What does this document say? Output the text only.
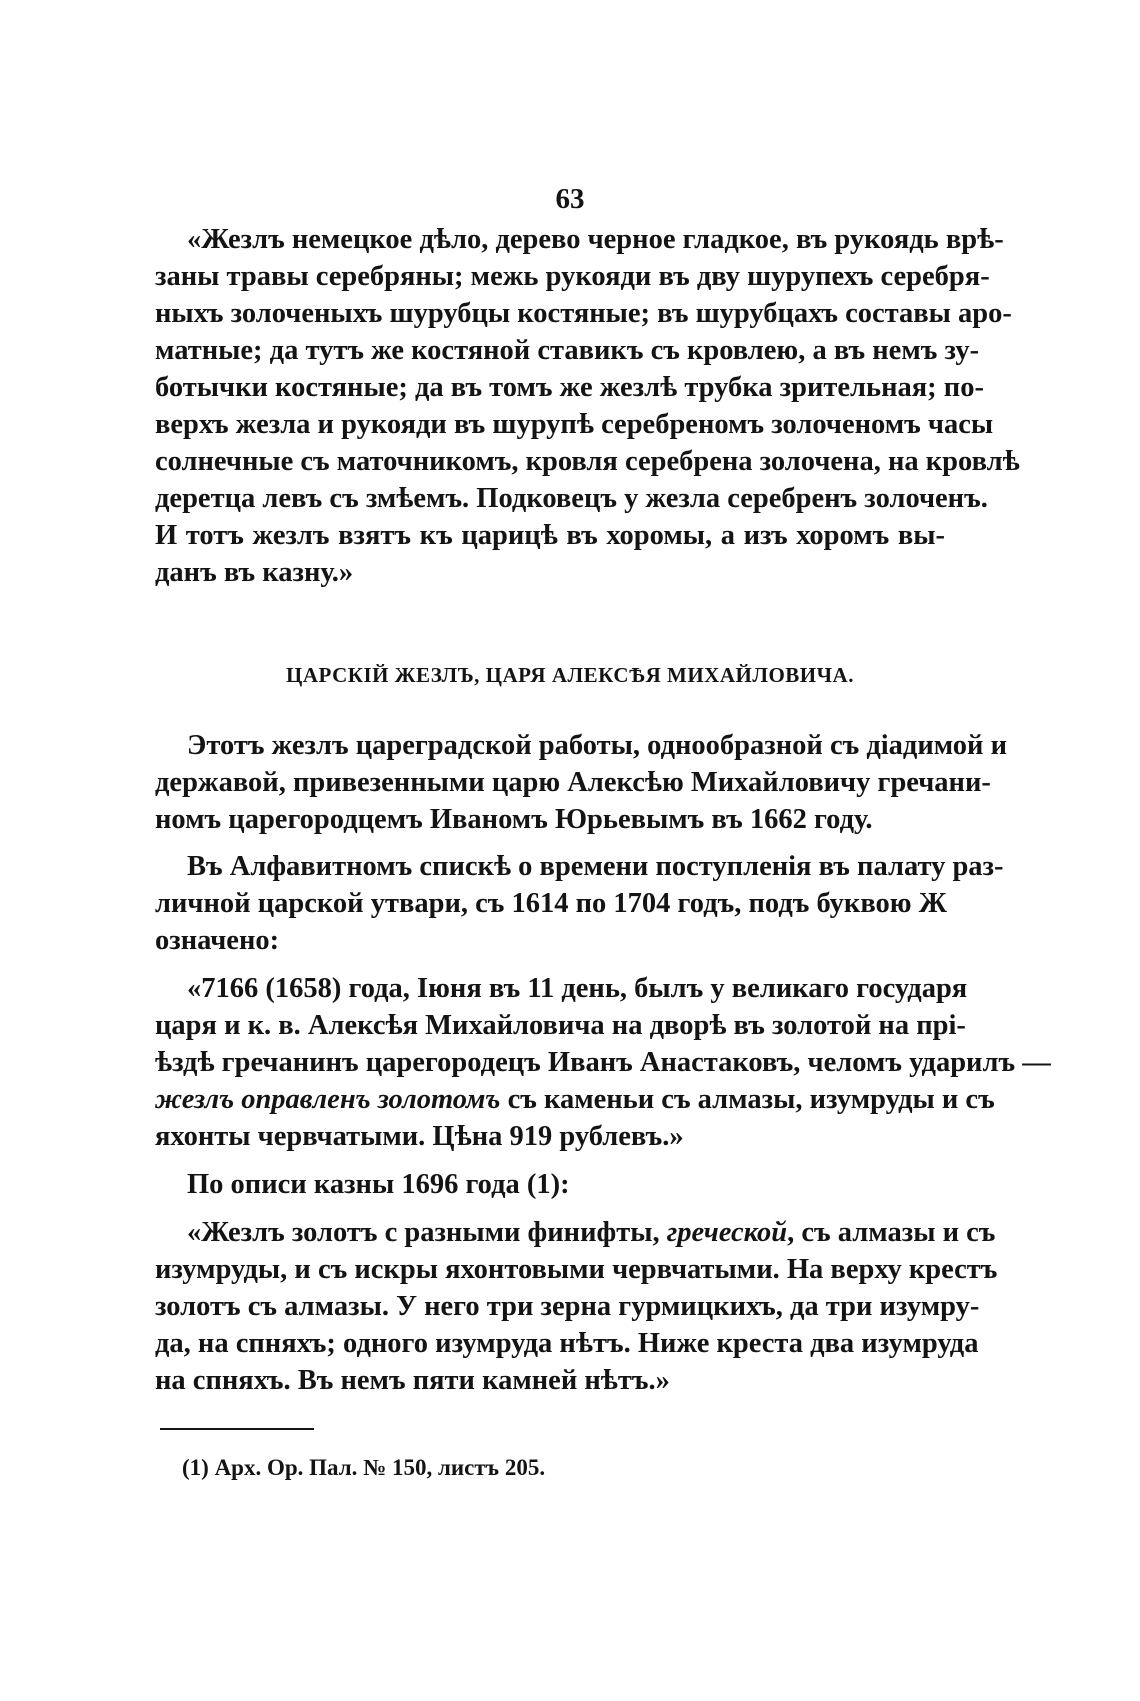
63
«Жезлъ немецкое дѣло, дерево черное гладкое, въ рукоядь врѣ-
заны травы серебряны; межь рукояди въ дву шурупехъ серебря-
ныхъ золоченыхъ шурубцы костяные; въ шурубцахъ составы аро-
матные; да тутъ же костяной ставикъ съ кровлею, а въ немъ зу-
ботычки костяные; да въ томъ же жезлѣ трубка зрительная; по-
верхъ жезла и рукояди въ шурупѣ серебреномъ золоченомъ часы
солнечные съ маточникомъ, кровля серебрена золочена, на кровлѣ
деретца левъ съ змѣемъ. Подковецъ у жезла серебренъ золоченъ.
И тотъ жезлъ взятъ къ царицѣ въ хоромы, а изъ хоромъ вы-
данъ въ казну.»
ЦАРСКІЙ ЖЕЗЛЪ, ЦАРЯ АЛЕКСѢЯ МИХАЙЛОВИЧА.
Этотъ жезлъ цареградской работы, однообразной съ діадимой и
державой, привезенными царю Алексѣю Михайловичу гречани-
номъ царегородцемъ Иваномъ Юрьевымъ въ 1662 году.
Въ Алфавитномъ спискѣ о времени поступленія въ палату раз-
личной царской утвари, съ 1614 по 1704 годъ, подъ буквою Ж
означено:
«7166 (1658) года, Іюня въ 11 день, былъ у великаго государя
царя и к. в. Алексѣя Михайловича на дворѣ въ золотой на прі-
ѣздѣ гречанинъ царегородецъ Иванъ Анастаковъ, челомъ ударилъ —
жезлъ оправленъ золотомъ съ каменьи съ алмазы, изумруды и съ
яхонты червчатыми. Цѣна 919 рублевъ.»
По описи казны 1696 года (1):
«Жезлъ золотъ с разными финифты, греческой, съ алмазы и съ
изумруды, и съ искры яхонтовыми червчатыми. На верху крестъ
золотъ съ алмазы. У него три зерна гурмицкихъ, да три изумру-
да, на спняхъ; одного изумруда нѣтъ. Ниже креста два изумруда
на спняхъ. Въ немъ пяти камней нѣтъ.»
(1) Арх. Ор. Пал. № 150, листъ 205.
